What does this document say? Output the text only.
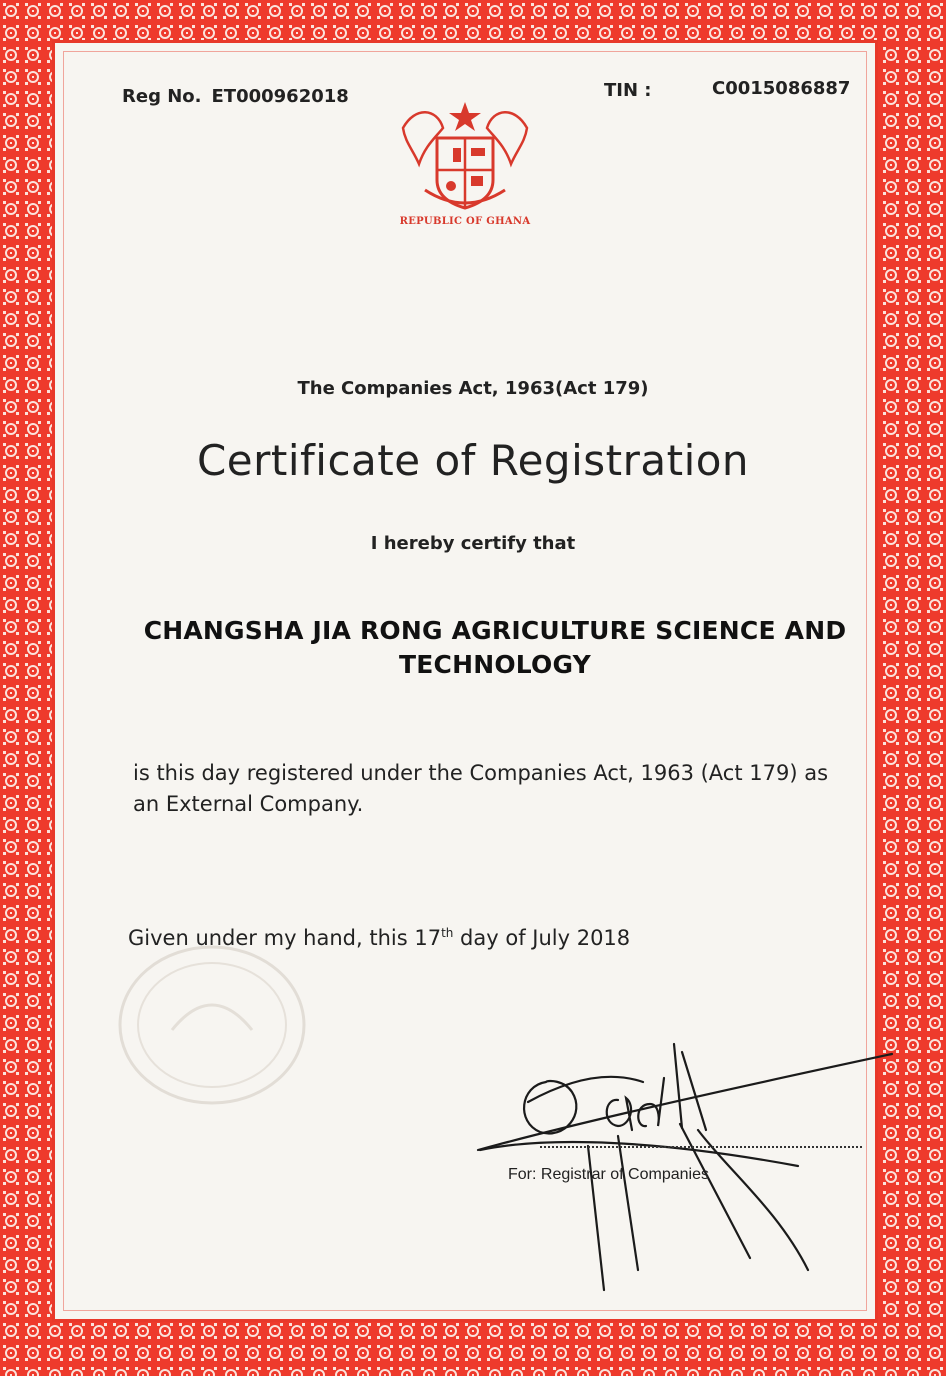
Reg No. ET000962018	TIN :	C0015086887
REPUBLIC OF GHANA
The Companies Act, 1963(Act 179)
Certificate of Registration
I hereby certify that
CHANGSHA JIA RONG AGRICULTURE SCIENCE AND TECHNOLOGY
is this day registered under the Companies Act, 1963 (Act 179) as an External Company.
Given under my hand, this 17th day of July 2018
For: Registrar of Companies
